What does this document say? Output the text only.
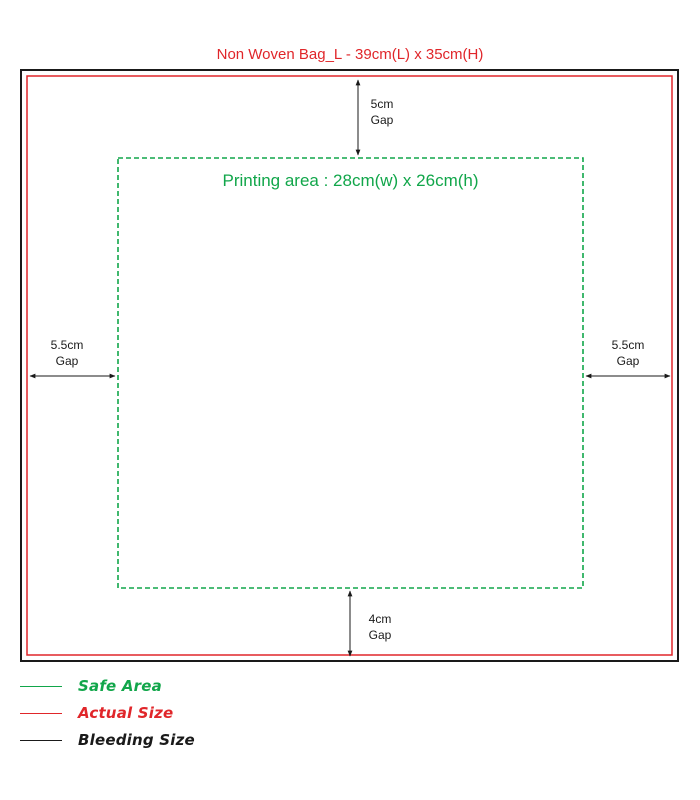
Non Woven Bag_L - 39cm(L) x 35cm(H)
Printing area : 28cm(w) x 26cm(h)
5cm
Gap
5.5cm
Gap
5.5cm
Gap
4cm
Gap
Safe Area
Actual Size
Bleeding Size
